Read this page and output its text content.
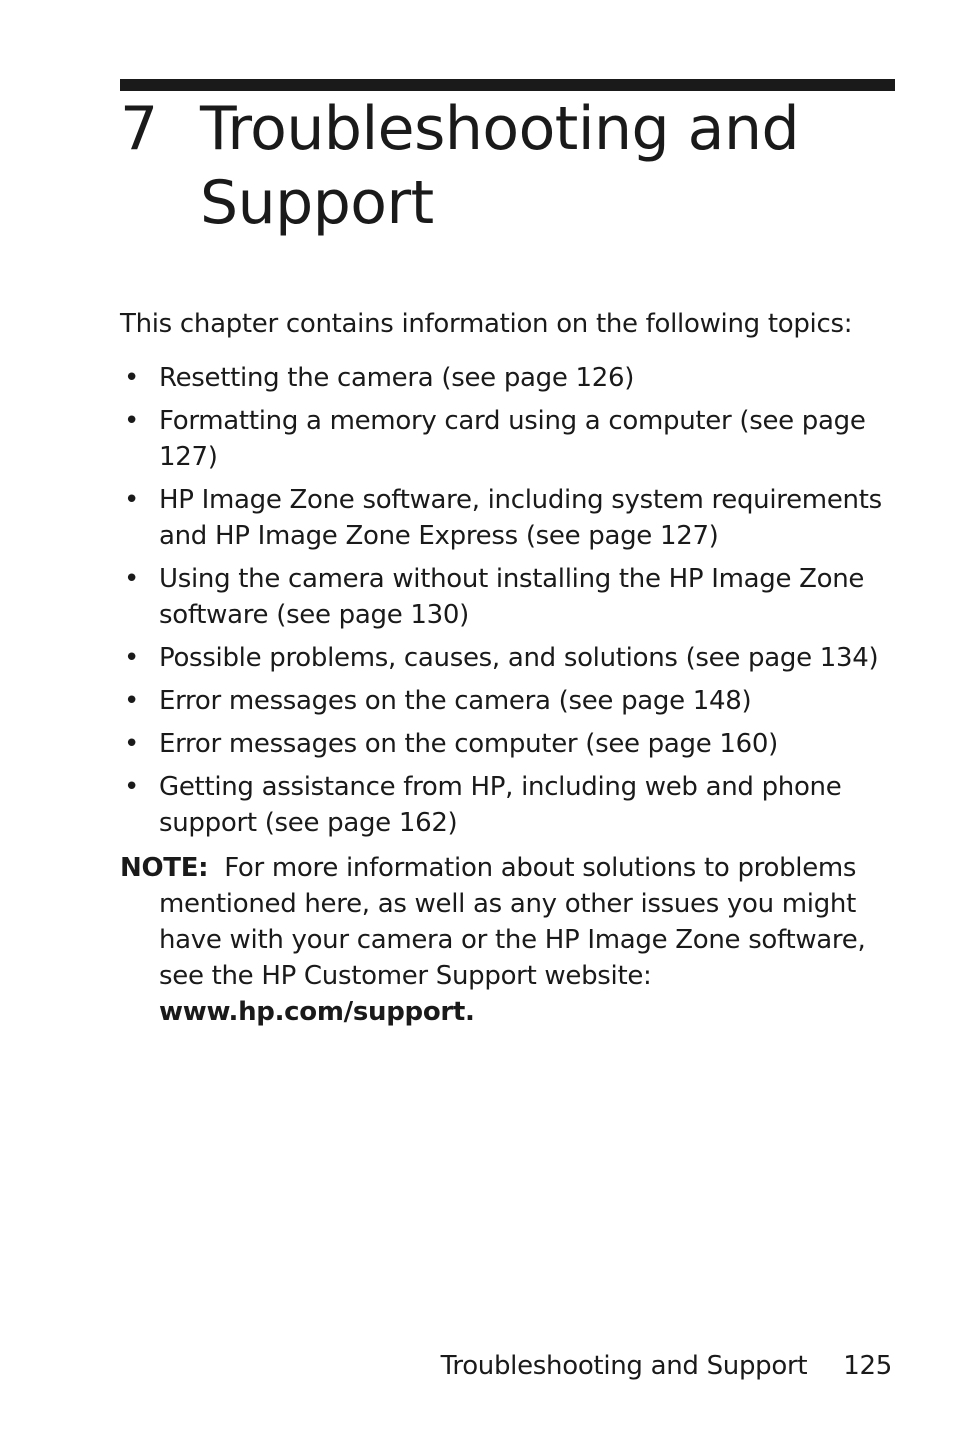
7 Troubleshooting and Support

This chapter contains information on the following topics:

• Resetting the camera (see page 126)
• Formatting a memory card using a computer (see page 127)
• HP Image Zone software, including system requirements and HP Image Zone Express (see page 127)
• Using the camera without installing the HP Image Zone software (see page 130)
• Possible problems, causes, and solutions (see page 134)
• Error messages on the camera (see page 148)
• Error messages on the computer (see page 160)
• Getting assistance from HP, including web and phone support (see page 162)

NOTE: For more information about solutions to problems mentioned here, as well as any other issues you might have with your camera or the HP Image Zone software, see the HP Customer Support website:
www.hp.com/support.

Troubleshooting and Support 125
